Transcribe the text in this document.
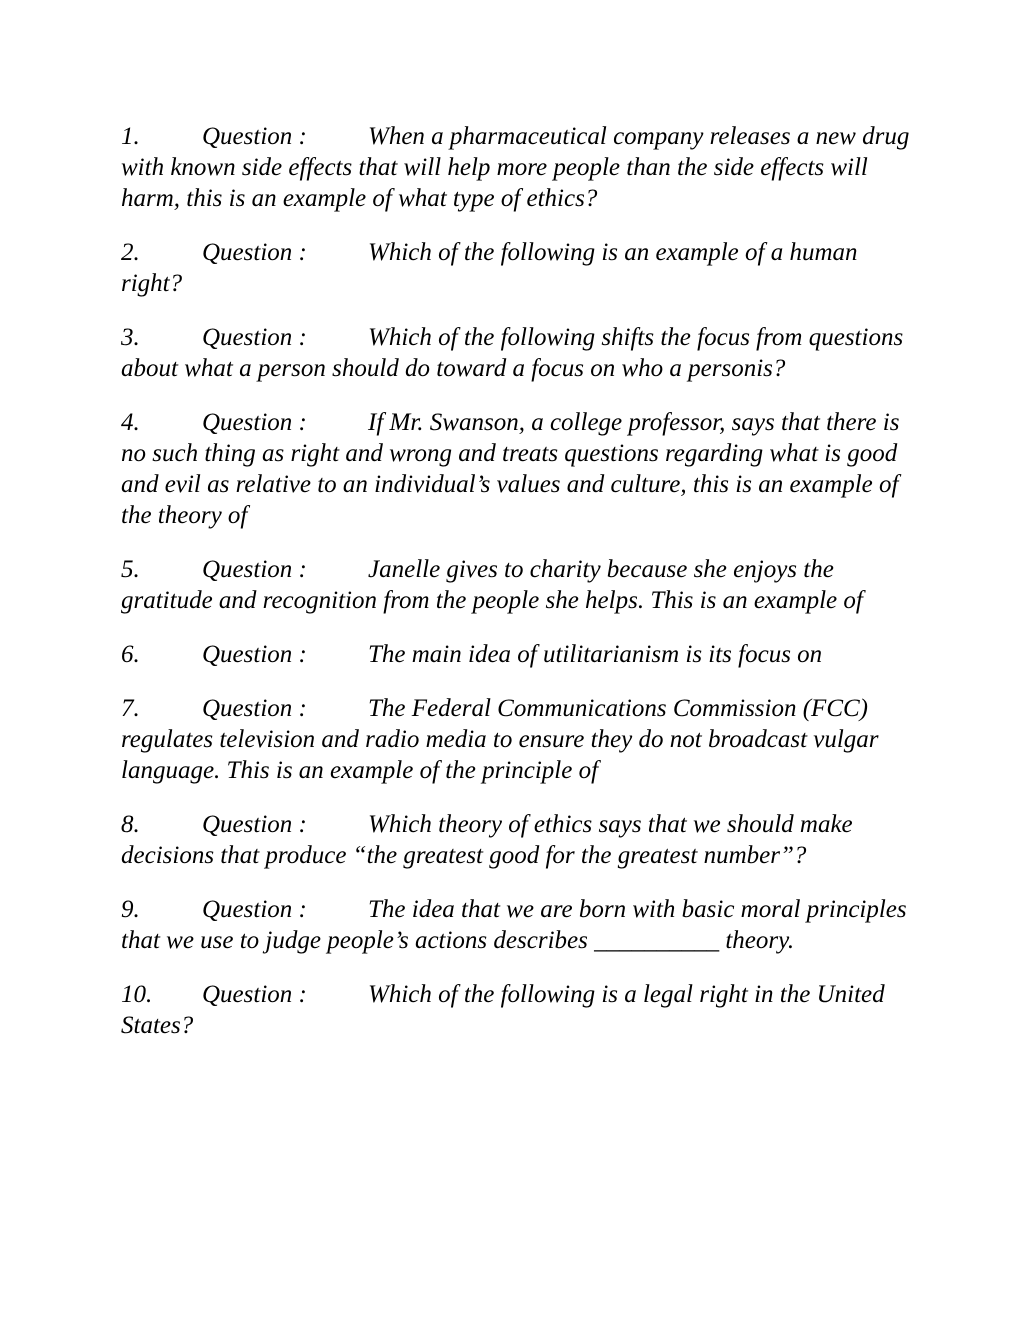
1. Question : When a pharmaceutical company releases a new drug with known side effects that will help more people than the side effects will harm, this is an example of what type of ethics?

2. Question : Which of the following is an example of a human right?

3. Question : Which of the following shifts the focus from questions about what a person should do toward a focus on who a personis?

4. Question : If Mr. Swanson, a college professor, says that there is no such thing as right and wrong and treats questions regarding what is good and evil as relative to an individual’s values and culture, this is an example of the theory of

5. Question : Janelle gives to charity because she enjoys the gratitude and recognition from the people she helps. This is an example of

6. Question : The main idea of utilitarianism is its focus on

7. Question : The Federal Communications Commission (FCC) regulates television and radio media to ensure they do not broadcast vulgar language. This is an example of the principle of

8. Question : Which theory of ethics says that we should make decisions that produce “the greatest good for the greatest number”?

9. Question : The idea that we are born with basic moral principles that we use to judge people’s actions describes __________ theory.

10. Question : Which of the following is a legal right in the United States?
